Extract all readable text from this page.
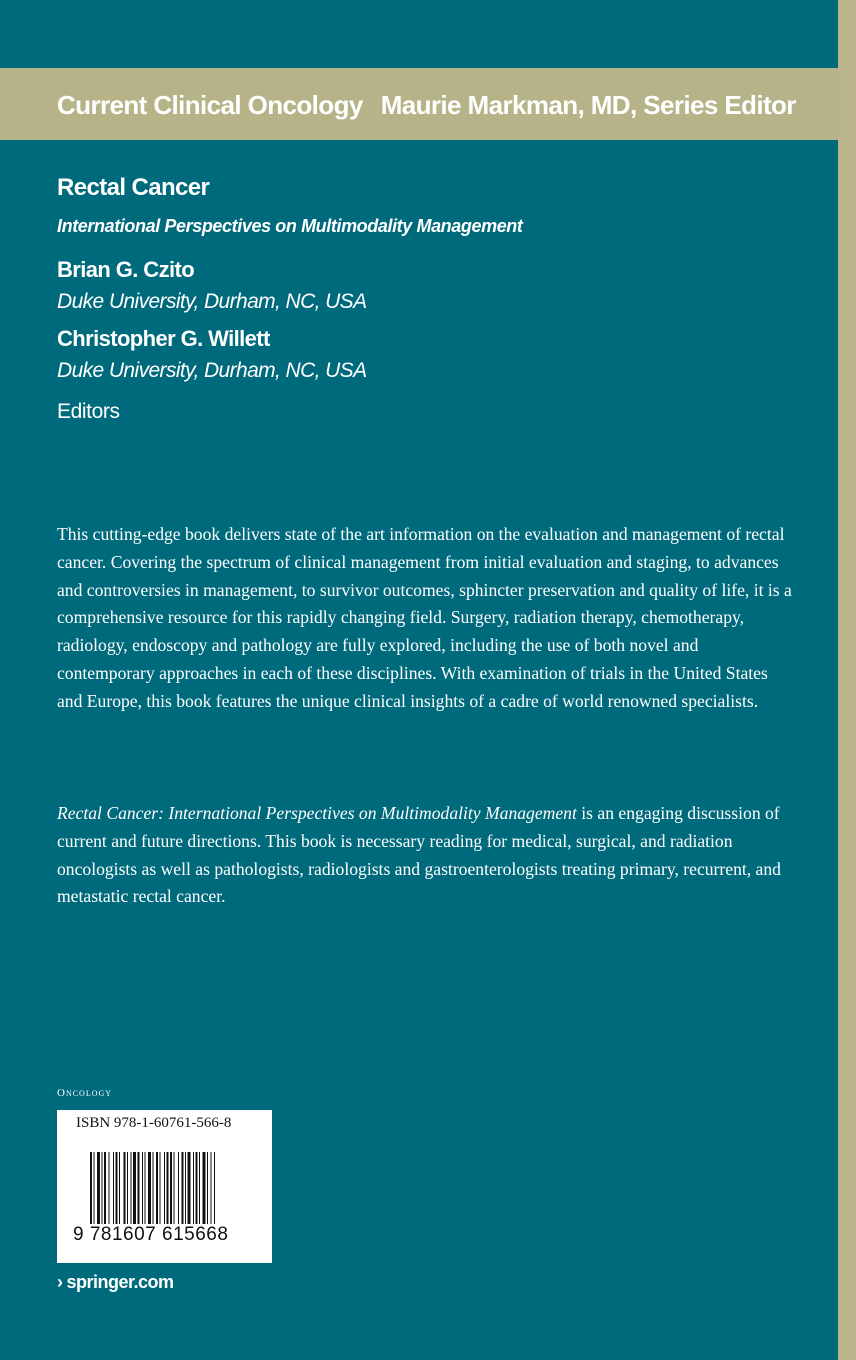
Current Clinical Oncology Maurie Markman, MD, Series Editor

Rectal Cancer

International Perspectives on Multimodality Management

Brian G. Czito

Duke University, Durham, NC, USA

Christopher G. Willett

Duke University, Durham, NC, USA

Editors

This cutting-edge book delivers state of the art information on the evaluation and management of rectal cancer. Covering the spectrum of clinical management from initial evaluation and staging, to advances and controversies in management, to survivor outcomes, sphincter preservation and quality of life, it is a comprehensive resource for this rapidly changing field. Surgery, radiation therapy, chemotherapy, radiology, endoscopy and pathology are fully explored, including the use of both novel and contemporary approaches in each of these disciplines. With examination of trials in the United States and Europe, this book features the unique clinical insights of a cadre of world renowned specialists.

Rectal Cancer: International Perspectives on Multimodality Management is an engaging discussion of current and future directions. This book is necessary reading for medical, surgical, and radiation oncologists as well as pathologists, radiologists and gastroenterologists treating primary, recurrent, and metastatic rectal cancer.

Oncology

ISBN 978-1-60761-566-8

9 781607 615668

› springer.com
